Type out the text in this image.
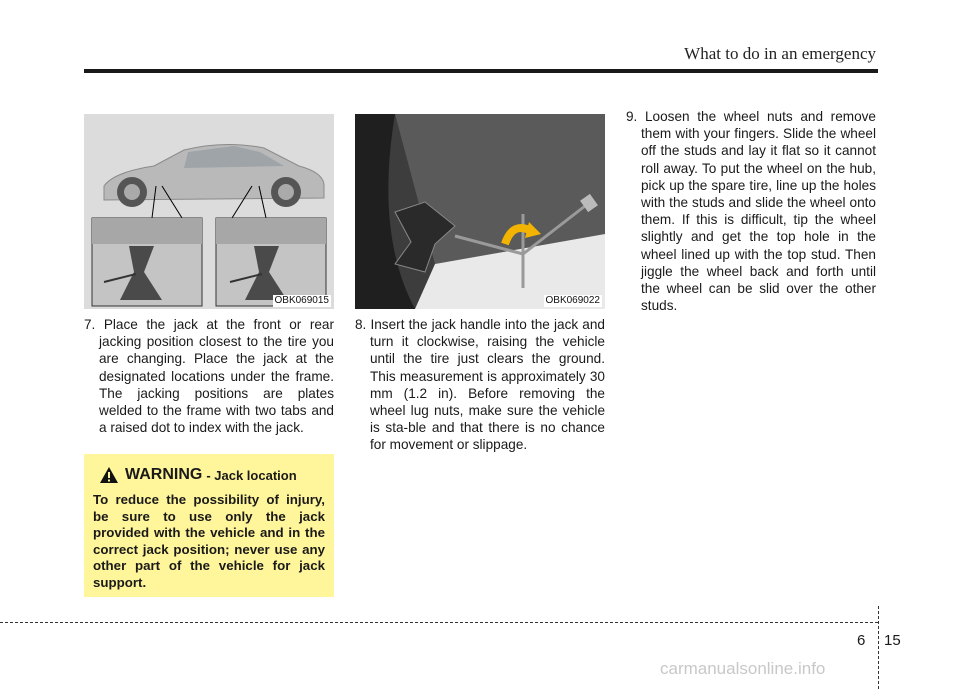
What to do in an emergency
OBK069015	OBK069022

7. Place the jack at the front or rear jacking position closest to the tire you are changing. Place the jack at the designated locations under the frame. The jacking positions are plates welded to the frame with two tabs and a raised dot to index with the jack.

8. Insert the jack handle into the jack and turn it clockwise, raising the vehicle until the tire just clears the ground. This measurement is approximately 30 mm (1.2 in). Before removing the wheel lug nuts, make sure the vehicle is sta-ble and that there is no chance for movement or slippage.

9. Loosen the wheel nuts and remove them with your fingers. Slide the wheel off the studs and lay it flat so it cannot roll away. To put the wheel on the hub, pick up the spare tire, line up the holes with the studs and slide the wheel onto them. If this is difficult, tip the wheel slightly and get the top hole in the wheel lined up with the top stud. Then jiggle the wheel back and forth until the wheel can be slid over the other studs.

WARNING - Jack location
To reduce the possibility of injury, be sure to use only the jack provided with the vehicle and in the correct jack position; never use any other part of the vehicle for jack support.
6 15
carmanualsonline.info
